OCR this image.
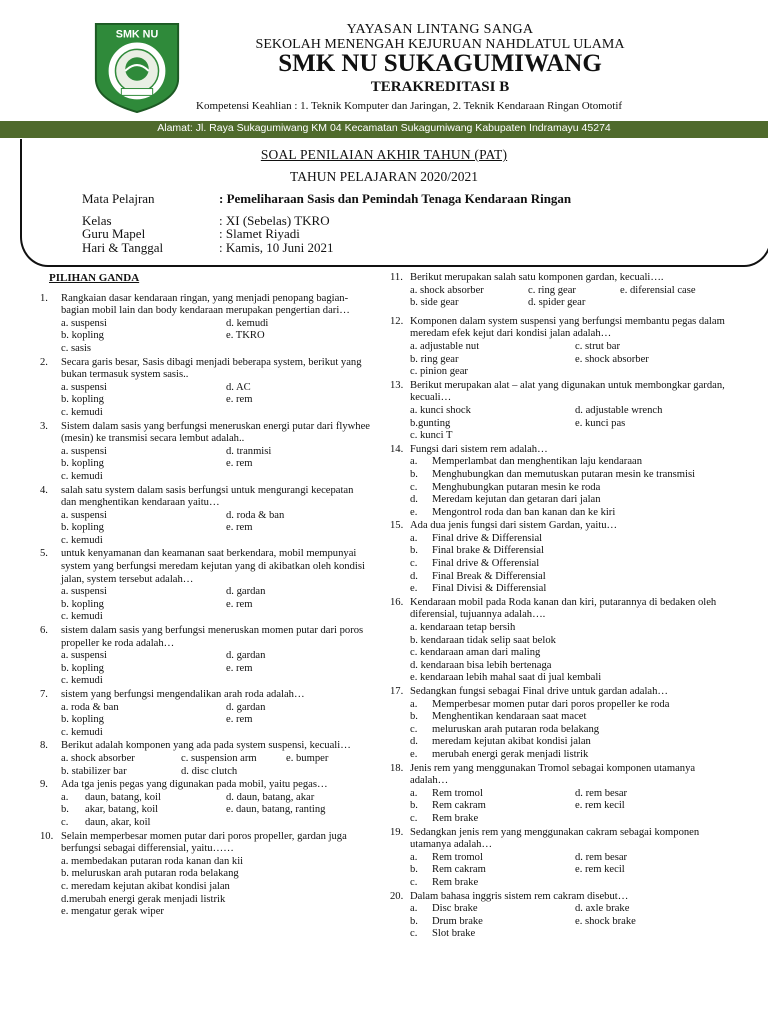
SMK NU	YAYASAN LINTANG SANGA
SEKOLAH MENENGAH KEJURUAN NAHDLATUL ULAMA
SMK NU SUKAGUMIWANG
TERAKREDITASI B
Kompetensi Keahlian : 1. Teknik Komputer dan Jaringan, 2. Teknik Kendaraan Ringan Otomotif
Alamat: Jl. Raya Sukagumiwang KM 04 Kecamatan Sukagumiwang Kabupaten Indramayu 45274
SOAL PENILAIAN AKHIR TAHUN (PAT)
TAHUN PELAJARAN 2020/2021
Mata Pelajran	: Pemeliharaan Sasis dan Pemindah Tenaga Kendaraan Ringan
Kelas	: XI (Sebelas) TKRO
Guru Mapel	: Slamet Riyadi
Hari & Tanggal	: Kamis, 10 Juni 2021
PILIHAN GANDA
1. Rangkaian dasar kendaraan ringan, yang menjadi penopang bagian-bagian mobil lain dan body kendaraan merupakan pengertian dari…
a. suspensi	d. kemudi
b. kopling	e. TKRO
c. sasis
2. Secara garis besar, Sasis dibagi menjadi beberapa system, berikut yang bukan termasuk system sasis..
a. suspensi	d. AC
b. kopling	e. rem
c. kemudi
3. Sistem dalam sasis yang berfungsi meneruskan energi putar dari flywhee (mesin) ke transmisi secara lembut adalah..
a. suspensi	d. tranmisi
b. kopling	e. rem
c. kemudi
4. salah satu system dalam sasis berfungsi untuk mengurangi kecepatan dan menghentikan kendaraan yaitu…
a. suspensi	d. roda & ban
b. kopling	e. rem
c. kemudi
5. untuk kenyamanan dan keamanan saat berkendara, mobil mempunyai system yang berfungsi meredam kejutan yang di akibatkan oleh kondisi jalan, system tersebut adalah…
a. suspensi	d. gardan
b. kopling	e. rem
c. kemudi
6. sistem dalam sasis yang berfungsi meneruskan momen putar dari poros propeller ke roda adalah…
a. suspensi	d. gardan
b. kopling	e. rem
c. kemudi
7. sistem yang berfungsi mengendalikan arah roda adalah…
a. roda & ban	d. gardan
b. kopling	e. rem
c. kemudi
8. Berikut adalah komponen yang ada pada system suspensi, kecuali…
a. shock absorber	c. suspension arm	e. bumper
b. stabilizer bar	d. disc clutch
9. Ada tga jenis pegas yang digunakan pada mobil, yaitu pegas…
a.	daun, batang, koil	d. daun, batang, akar
b.	akar, batang, koil	e. daun, batang, ranting
c.	daun, akar, koil
10. Selain memperbesar momen putar dari poros propeller, gardan juga berfungsi sebagai differensial, yaitu……
a. membedakan putaran roda kanan dan kii
b. meluruskan arah putaran roda belakang
c. meredam kejutan akibat kondisi jalan
d.merubah energi gerak menjadi listrik
e. mengatur gerak wiper
11. Berikut merupakan salah satu komponen gardan, kecuali….
a. shock absorber	c. ring gear	e. diferensial case
b. side gear	d. spider gear
12. Komponen dalam system suspensi yang berfungsi membantu pegas dalam meredam efek kejut dari kondisi jalan adalah…
a. adjustable nut	c. strut bar
b. ring gear	e. shock absorber
c. pinion gear
13. Berikut merupakan alat – alat yang digunakan untuk membongkar gardan, kecuali…
a. kunci shock	d. adjustable wrench
b.gunting	e. kunci pas
c. kunci T
14. Fungsi dari sistem rem adalah…
a.	Memperlambat dan menghentikan laju kendaraan
b.	Menghubungkan dan memutuskan putaran mesin ke transmisi
c.	Menghubungkan putaran mesin ke roda
d.	Meredam kejutan dan getaran dari jalan
e.	Mengontrol roda dan ban kanan dan ke kiri
15. Ada dua jenis fungsi dari sistem Gardan, yaitu…
a.	Final drive & Differensial
b.	Final brake & Differensial
c.	Final drive & Offerensial
d.	Final Break & Differensial
e.	Final Divisi & Differensial
16. Kendaraan mobil pada Roda kanan dan kiri, putarannya di bedaken oleh diferensial, tujuannya adalah….
a. kendaraan tetap bersih
b. kendaraan tidak selip saat belok
c. kendaraan aman dari maling
d. kendaraan bisa lebih bertenaga
e. kendaraan lebih mahal saat di jual kembali
17. Sedangkan fungsi sebagai Final drive untuk gardan adalah…
a.	Memperbesar momen putar dari poros propeller ke roda
b.	Menghentikan kendaraan saat macet
c.	meluruskan arah putaran roda belakang
d.	meredam kejutan akibat kondisi jalan
e.	merubah energi gerak menjadi listrik
18. Jenis rem yang menggunakan Tromol sebagai komponen utamanya adalah…
a.	Rem tromol	d. rem besar
b.	Rem cakram	e. rem kecil
c.	Rem brake
19. Sedangkan jenis rem yang menggunakan cakram sebagai komponen utamanya adalah…
a.	Rem tromol	d. rem besar
b.	Rem cakram	e. rem kecil
c.	Rem brake
20. Dalam bahasa inggris sistem rem cakram disebut…
a.	Disc brake	d. axle brake
b.	Drum brake	e. shock brake
c.	Slot brake
